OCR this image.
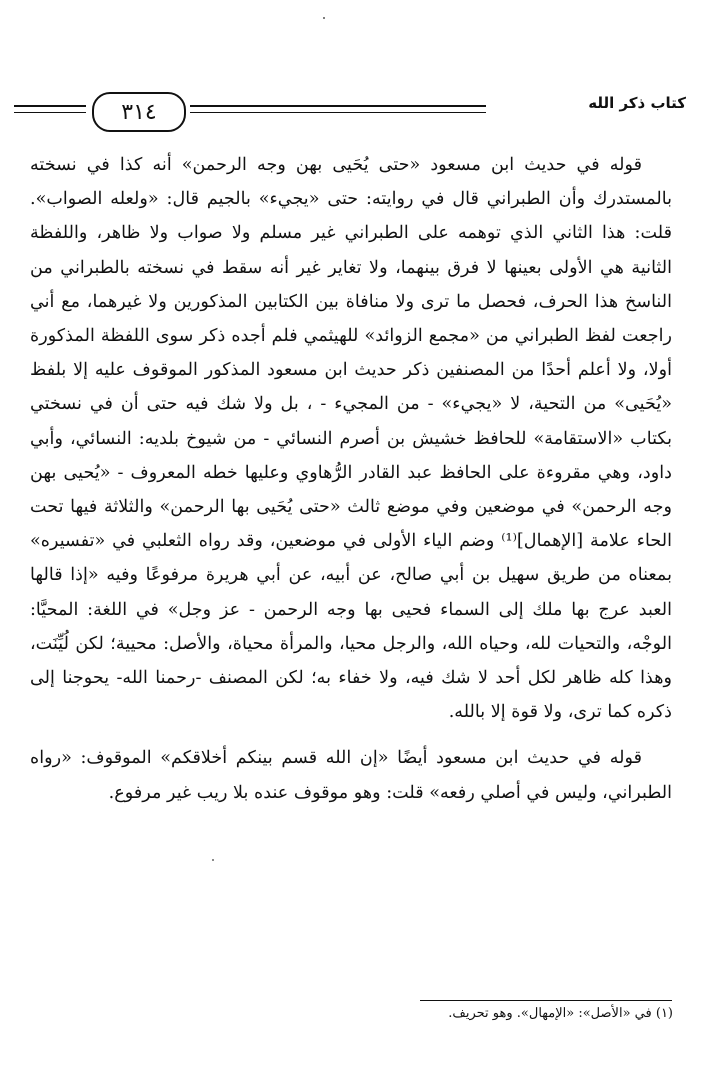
٣١٤	كتاب ذكر الله

قوله في حديث ابن مسعود «حتى يُحَيى بهن وجه الرحمن» أنه كذا في نسخته بالمستدرك وأن الطبراني قال في روايته: حتى «يجيء» بالجيم قال: «ولعله الصواب». قلت: هذا الثاني الذي توهمه على الطبراني غير مسلم ولا صواب ولا ظاهر، واللفظة الثانية هي الأولى بعينها لا فرق بينهما، ولا تغاير غير أنه سقط في نسخته بالطبراني من الناسخ هذا الحرف، فحصل ما ترى ولا منافاة بين الكتابين المذكورين ولا غيرهما، مع أني راجعت لفظ الطبراني من «مجمع الزوائد» للهيثمي فلم أجده ذكر سوى اللفظة المذكورة أولا، ولا أعلم أحدًا من المصنفين ذكر حديث ابن مسعود المذكور الموقوف عليه إلا بلفظ «يُحَيى» من التحية، لا «يجيء» - من المجيء - ، بل ولا شك فيه حتى أن في نسختي بكتاب «الاستقامة» للحافظ خشيش بن أصرم النسائي - من شيوخ بلديه: النسائي، وأبي داود، وهي مقروءة على الحافظ عبد القادر الرُّهاوي وعليها خطه المعروف - «يُحيى بهن وجه الرحمن» في موضعين وفي موضع ثالث «حتى يُحَيى بها الرحمن» والثلاثة فيها تحت الحاء علامة [الإهمال]⁽¹⁾ وضم الياء الأولى في موضعين، وقد رواه الثعلبي في «تفسيره» بمعناه من طريق سهيل بن أبي صالح، عن أبيه، عن أبي هريرة مرفوعًا وفيه «إذا قالها العبد عرج بها ملك إلى السماء فحيى بها وجه الرحمن - عز وجل» في اللغة: المحيَّا: الوجْه، والتحيات لله، وحياه الله، والرجل محيا، والمرأة محياة، والأصل: محيية؛ لكن لُيِّنَت، وهذا كله ظاهر لكل أحد لا شك فيه، ولا خفاء به؛ لكن المصنف -رحمنا الله- يحوجنا إلى ذكره كما ترى، ولا قوة إلا بالله.

قوله في حديث ابن مسعود أيضًا «إن الله قسم بينكم أخلاقكم» الموقوف: «رواه الطبراني، وليس في أصلي رفعه» قلت: وهو موقوف عنده بلا ريب غير مرفوع.

(١) في «الأصل»: «الإمهال». وهو تحريف.
